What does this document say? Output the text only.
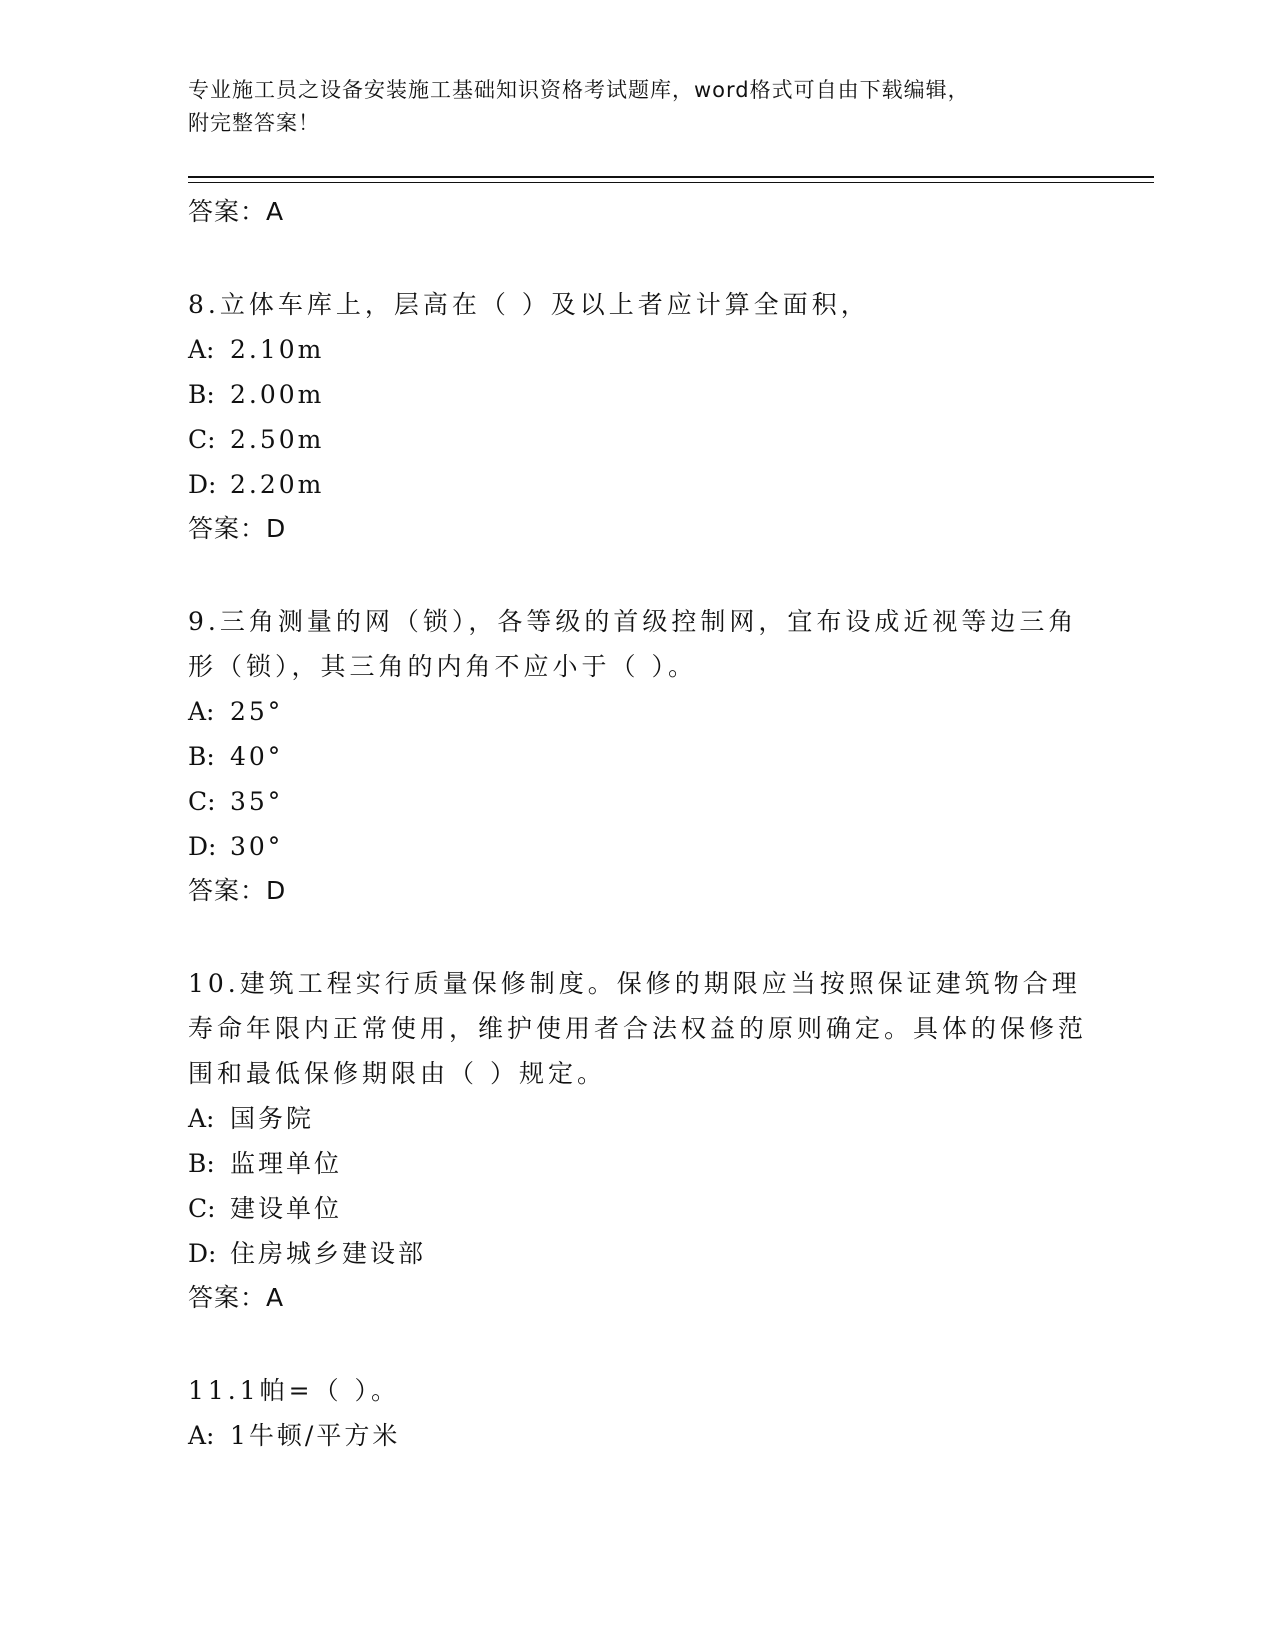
专业施工员之设备安装施工基础知识资格考试题库，word格式可自由下载编辑，
附完整答案！

答案：A

8.立体车库上，层高在（ ）及以上者应计算全面积，

A: 2.10m

B: 2.00m

C: 2.50m

D: 2.20m

答案：D

9.三角测量的网（锁），各等级的首级控制网，宜布设成近视等边三角形（锁），其三角的内角不应小于（ ）。

A: 25°

B: 40°

C: 35°

D: 30°

答案：D

10.建筑工程实行质量保修制度。保修的期限应当按照保证建筑物合理寿命年限内正常使用，维护使用者合法权益的原则确定。具体的保修范围和最低保修期限由（ ）规定。

A: 国务院

B: 监理单位

C: 建设单位

D: 住房城乡建设部

答案：A

11.1帕=（ ）。

A: 1牛顿/平方米
